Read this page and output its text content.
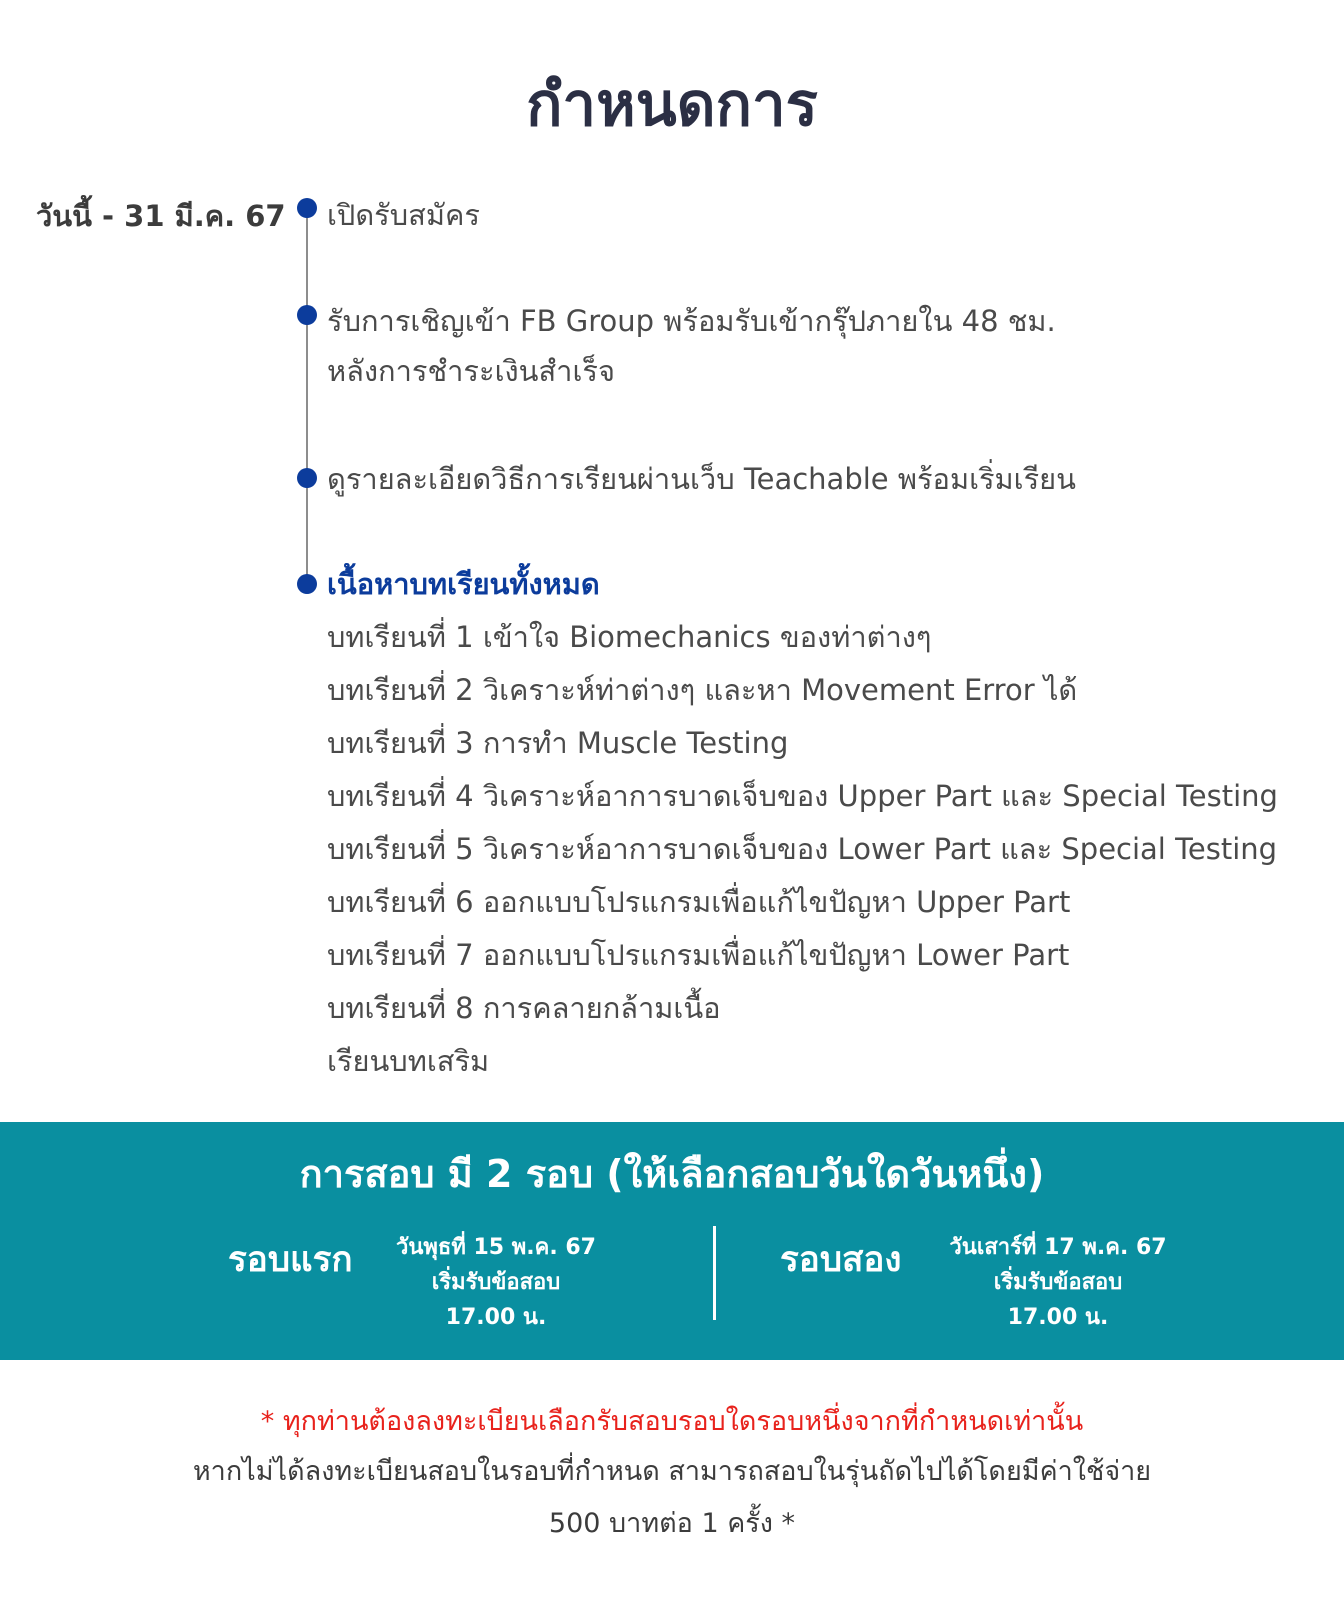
กำหนดการ
วันนี้ - 31 มี.ค. 67 เปิดรับสมัคร
รับการเชิญเข้า FB Group พร้อมรับเข้ากรุ๊ปภายใน 48 ชม.
หลังการชำระเงินสำเร็จ
ดูรายละเอียดวิธีการเรียนผ่านเว็บ Teachable พร้อมเริ่มเรียน
เนื้อหาบทเรียนทั้งหมด
บทเรียนที่ 1 เข้าใจ Biomechanics ของท่าต่างๆ
บทเรียนที่ 2 วิเคราะห์ท่าต่างๆ และหา Movement Error ได้
บทเรียนที่ 3 การทำ Muscle Testing
บทเรียนที่ 4 วิเคราะห์อาการบาดเจ็บของ Upper Part และ Special Testing
บทเรียนที่ 5 วิเคราะห์อาการบาดเจ็บของ Lower Part และ Special Testing
บทเรียนที่ 6 ออกแบบโปรแกรมเพื่อแก้ไขปัญหา Upper Part
บทเรียนที่ 7 ออกแบบโปรแกรมเพื่อแก้ไขปัญหา Lower Part
บทเรียนที่ 8 การคลายกล้ามเนื้อ
เรียนบทเสริม
การสอบ มี 2 รอบ (ให้เลือกสอบวันใดวันหนึ่ง)
รอบแรก	วันพุธที่ 15 พ.ค. 67
เริ่มรับข้อสอบ
17.00 น.
รอบสอง	วันเสาร์ที่ 17 พ.ค. 67
เริ่มรับข้อสอบ
17.00 น.
* ทุกท่านต้องลงทะเบียนเลือกรับสอบรอบใดรอบหนึ่งจากที่กำหนดเท่านั้น
หากไม่ได้ลงทะเบียนสอบในรอบที่กำหนด สามารถสอบในรุ่นถัดไปได้โดยมีค่าใช้จ่าย
500 บาทต่อ 1 ครั้ง *
